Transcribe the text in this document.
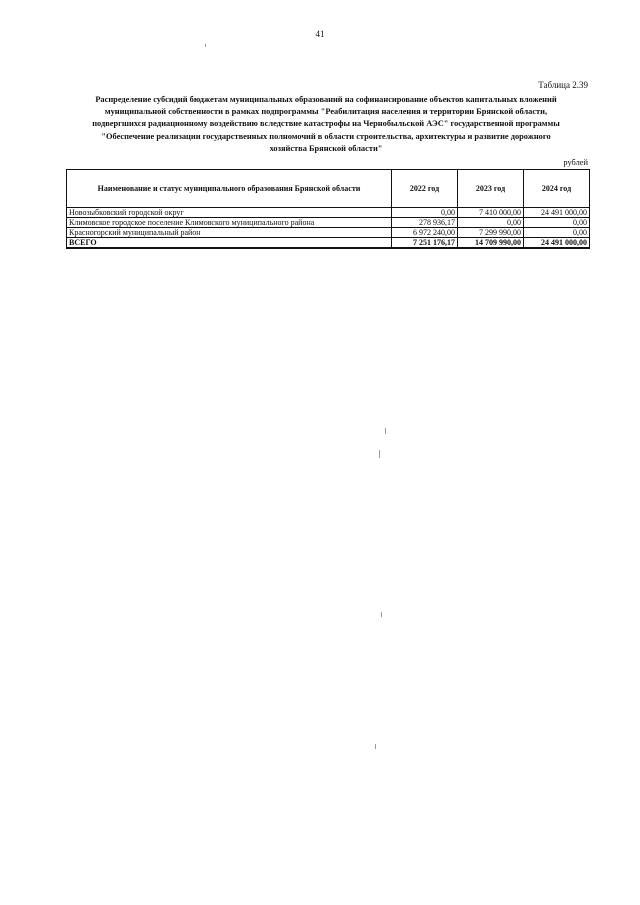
41
Таблица 2.39
Распределение субсидий бюджетам муниципальных образований на софинансирование объектов капитальных вложений
муниципальной собственности в рамках подпрограммы "Реабилитация населения и территории Брянской области,
подвергшихся радиационному воздействию вследствие катастрофы на Чернобыльской АЭС" государственной программы
"Обеспечение реализации государственных полномочий в области строительства, архитектуры и развитие дорожного
хозяйства Брянской области"
рублей
Наименование и статус муниципального образования Брянской области	2022 год	2023 год	2024 год
Новозыбковский городской округ	0,00	7 410 000,00	24 491 000,00
Климовское городское поселение Климовского муниципального района	278 936,17	0,00	0,00
Красногорский муниципальный район	6 972 240,00	7 299 990,00	0,00
ВСЕГО	7 251 176,17	14 709 990,00	24 491 000,00
